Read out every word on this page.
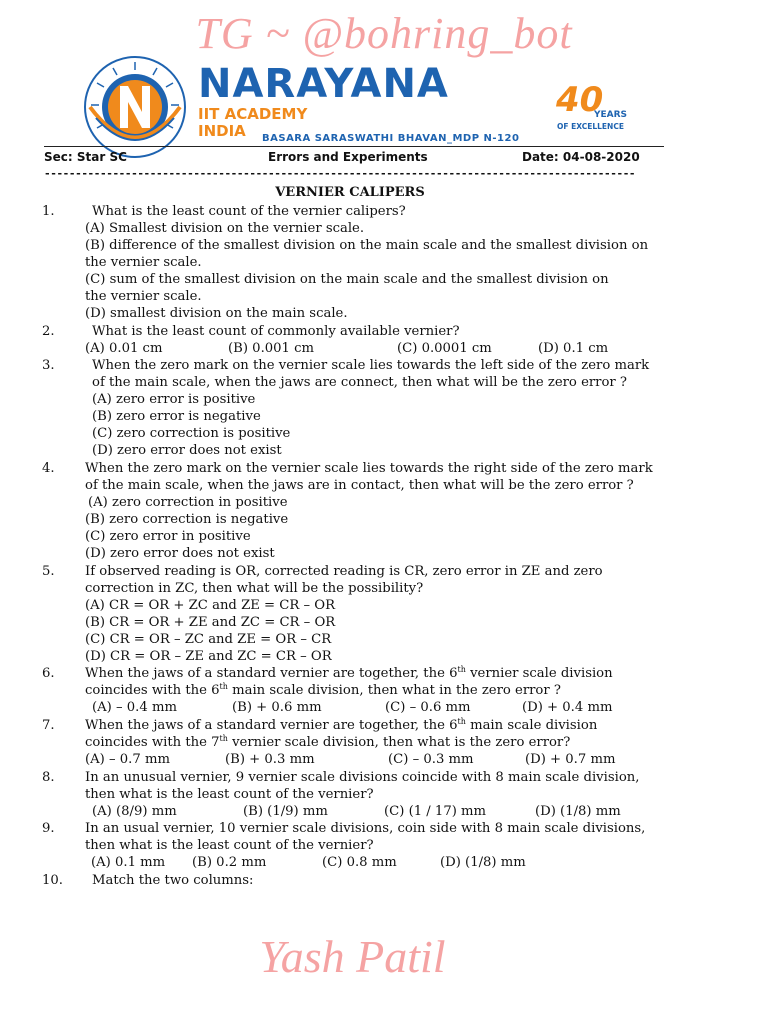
TG ~ @bohring_bot
Yash Patil
NARAYANA
IIT ACADEMY
INDIA	BASARA SARASWATHI BHAVAN_MDP N-120
40
YEARS
OF EXCELLENCE
Sec: Star SC	Errors and Experiments	Date: 04-08-2020
-----------------------------------------------------------------------------------------------
VERNIER CALIPERS
1.	What is the least count of the vernier calipers?
(A) Smallest division on the vernier scale.
(B) difference of the smallest division on the main scale and the smallest division on
the vernier scale.
(C) sum of the smallest division on the main scale and the smallest division on
the vernier scale.
(D) smallest division on the main scale.
2.	What is the least count of commonly available vernier?
(A) 0.01 cm	(B) 0.001 cm	(C) 0.0001 cm	(D) 0.1 cm
3.	When the zero mark on the vernier scale lies towards the left side of the zero mark
of the main scale, when the jaws are connect, then what will be the zero error ?
(A) zero error is positive
(B) zero error is negative
(C) zero correction is positive
(D) zero error does not exist
4. When the zero mark on the vernier scale lies towards the right side of the zero mark
of the main scale, when the jaws are in contact, then what will be the zero error ?
(A) zero correction in positive
(B) zero correction is negative
(C) zero error in positive
(D) zero error does not exist
5. If observed reading is OR, corrected reading is CR, zero error in ZE and zero
correction in ZC, then what will be the possibility?
(A) CR = OR + ZC and ZE = CR – OR
(B) CR = OR + ZE and ZC = CR – OR
(C) CR = OR – ZC and ZE = OR – CR
(D) CR = OR – ZE and ZC = CR – OR
6. When the jaws of a standard vernier are together, the 6th vernier scale division
coincides with the 6th main scale division, then what in the zero error ?
(A) – 0.4 mm	(B) + 0.6 mm	(C) – 0.6 mm	(D) + 0.4 mm
7. When the jaws of a standard vernier are together, the 6th main scale division
coincides with the 7th vernier scale division, then what is the zero error?
(A) – 0.7 mm	(B) + 0.3 mm	(C) – 0.3 mm	(D) + 0.7 mm
8. In an unusual vernier, 9 vernier scale divisions coincide with 8 main scale division,
then what is the least count of the vernier?
(A) (8/9) mm	(B) (1/9) mm	(C) (1 / 17) mm	(D) (1/8) mm
9. In an usual vernier, 10 vernier scale divisions, coin side with 8 main scale divisions,
then what is the least count of the vernier?
(A) 0.1 mm (B) 0.2 mm	(C) 0.8 mm	(D) (1/8) mm
10. Match the two columns:
